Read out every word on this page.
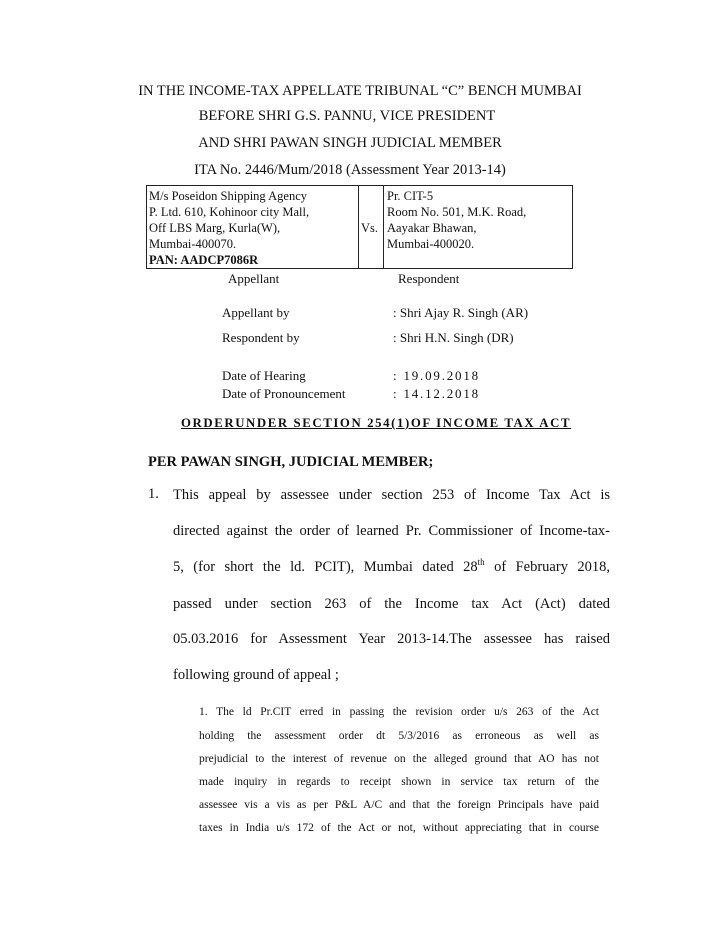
IN THE INCOME-TAX APPELLATE TRIBUNAL “C” BENCH MUMBAI
BEFORE SHRI G.S. PANNU, VICE PRESIDENT
AND SHRI PAWAN SINGH JUDICIAL MEMBER
ITA No. 2446/Mum/2018 (Assessment Year 2013-14)
M/s Poseidon Shipping Agency
P. Ltd. 610, Kohinoor city Mall,
Off LBS Marg, Kurla(W),
Mumbai-400070.
PAN: AADCP7086R
Vs.
Pr. CIT-5
Room No. 501, M.K. Road,
Aayakar Bhawan,
Mumbai-400020.
Appellant	Respondent
Appellant by	: Shri Ajay R. Singh (AR)
Respondent by	: Shri H.N. Singh (DR)
Date of Hearing	: 19.09.2018
Date of Pronouncement	: 14.12.2018
ORDERUNDER SECTION 254(1)OF INCOME TAX ACT
PER PAWAN SINGH, JUDICIAL MEMBER;
1. This appeal by assessee under section 253 of Income Tax Act is
directed against the order of learned Pr. Commissioner of Income-tax-
5, (for short the ld. PCIT), Mumbai dated 28th of February 2018,
passed under section 263 of the Income tax Act (Act) dated
05.03.2016 for Assessment Year 2013-14.The assessee has raised
following ground of appeal ;
1. The ld Pr.CIT erred in passing the revision order u/s 263 of the Act
holding the assessment order dt 5/3/2016 as erroneous as well as
prejudicial to the interest of revenue on the alleged ground that AO has not
made inquiry in regards to receipt shown in service tax return of the
assessee vis a vis as per P&L A/C and that the foreign Principals have paid
taxes in India u/s 172 of the Act or not, without appreciating that in course
